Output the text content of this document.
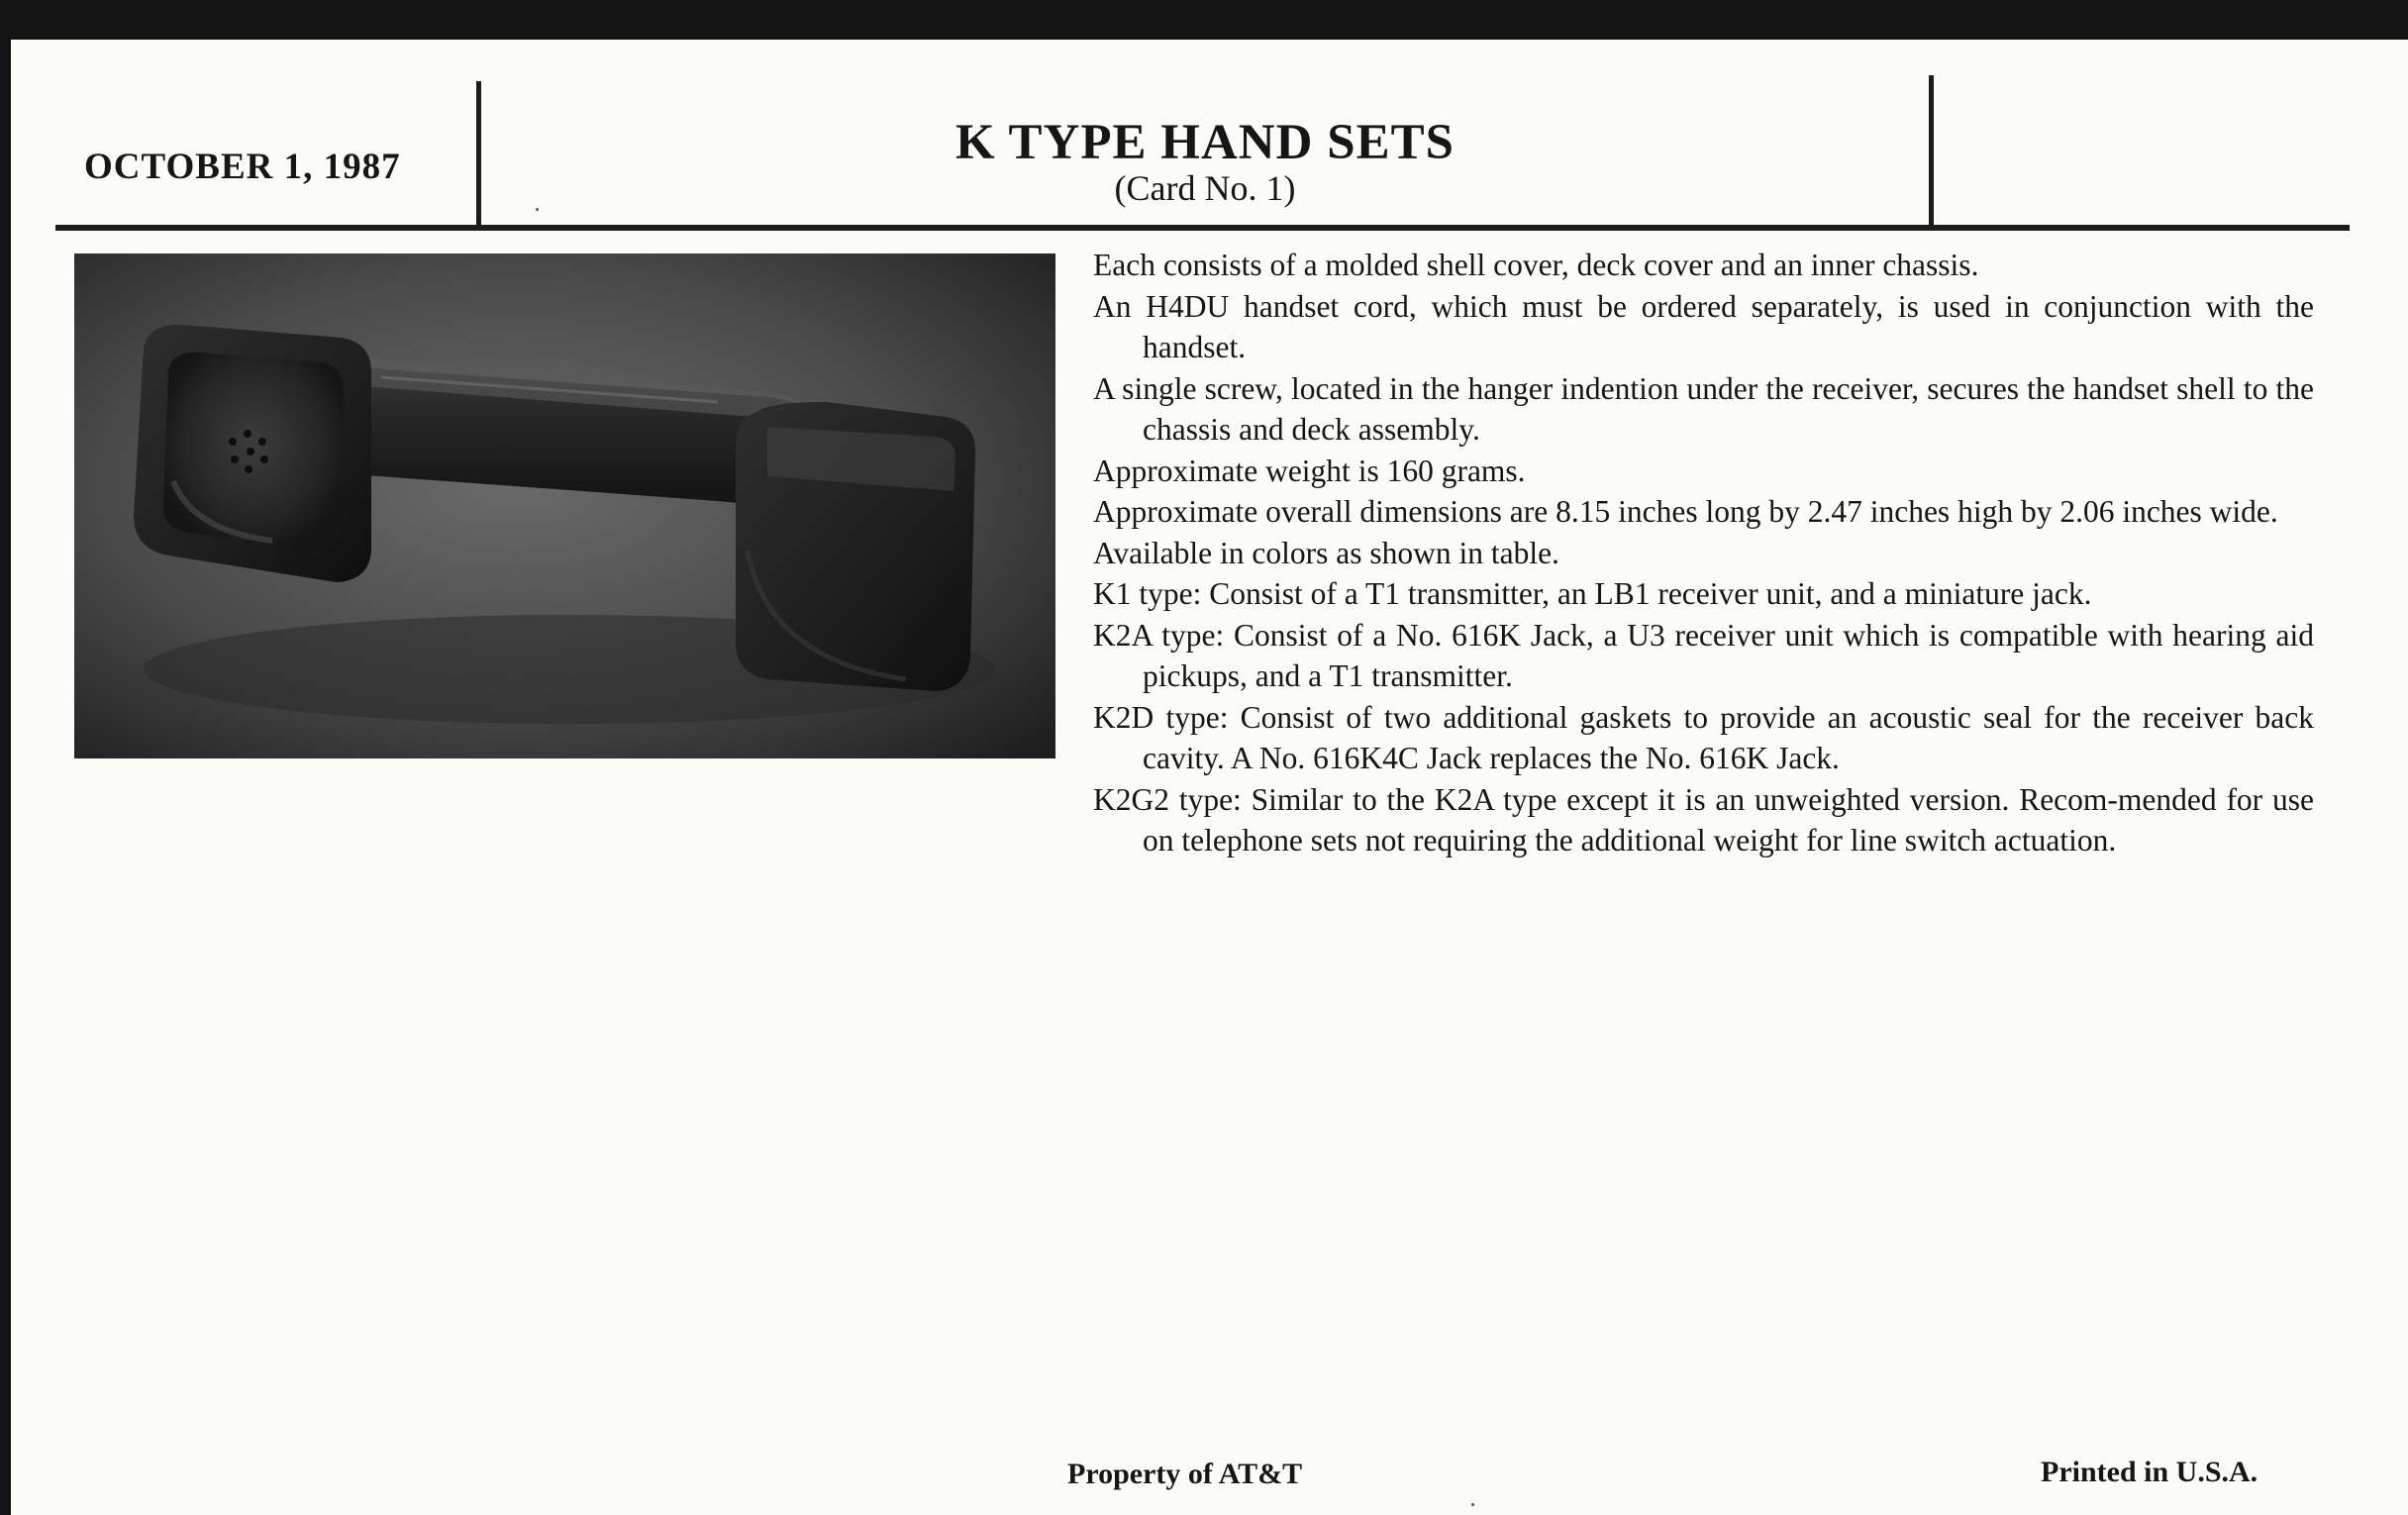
OCTOBER 1, 1987	K TYPE HAND SETS
(Card No. 1)

Each consists of a molded shell cover, deck cover and an inner chassis.

An H4DU handset cord, which must be ordered separately, is used in conjunction with the handset.

A single screw, located in the hanger indention under the receiver, secures the handset shell to the chassis and deck assembly.

Approximate weight is 160 grams.

Approximate overall dimensions are 8.15 inches long by 2.47 inches high by 2.06 inches wide.

Available in colors as shown in table.

K1 type: Consist of a T1 transmitter, an LB1 receiver unit, and a miniature jack.

K2A type: Consist of a No. 616K Jack, a U3 receiver unit which is compatible with hearing aid pickups, and a T1 transmitter.

K2D type: Consist of two additional gaskets to provide an acoustic seal for the receiver back cavity. A No. 616K4C Jack replaces the No. 616K Jack.

K2G2 type: Similar to the K2A type except it is an unweighted version. Recom-mended for use on telephone sets not requiring the additional weight for line switch actuation.

Property of AT&T	Printed in U.S.A.
